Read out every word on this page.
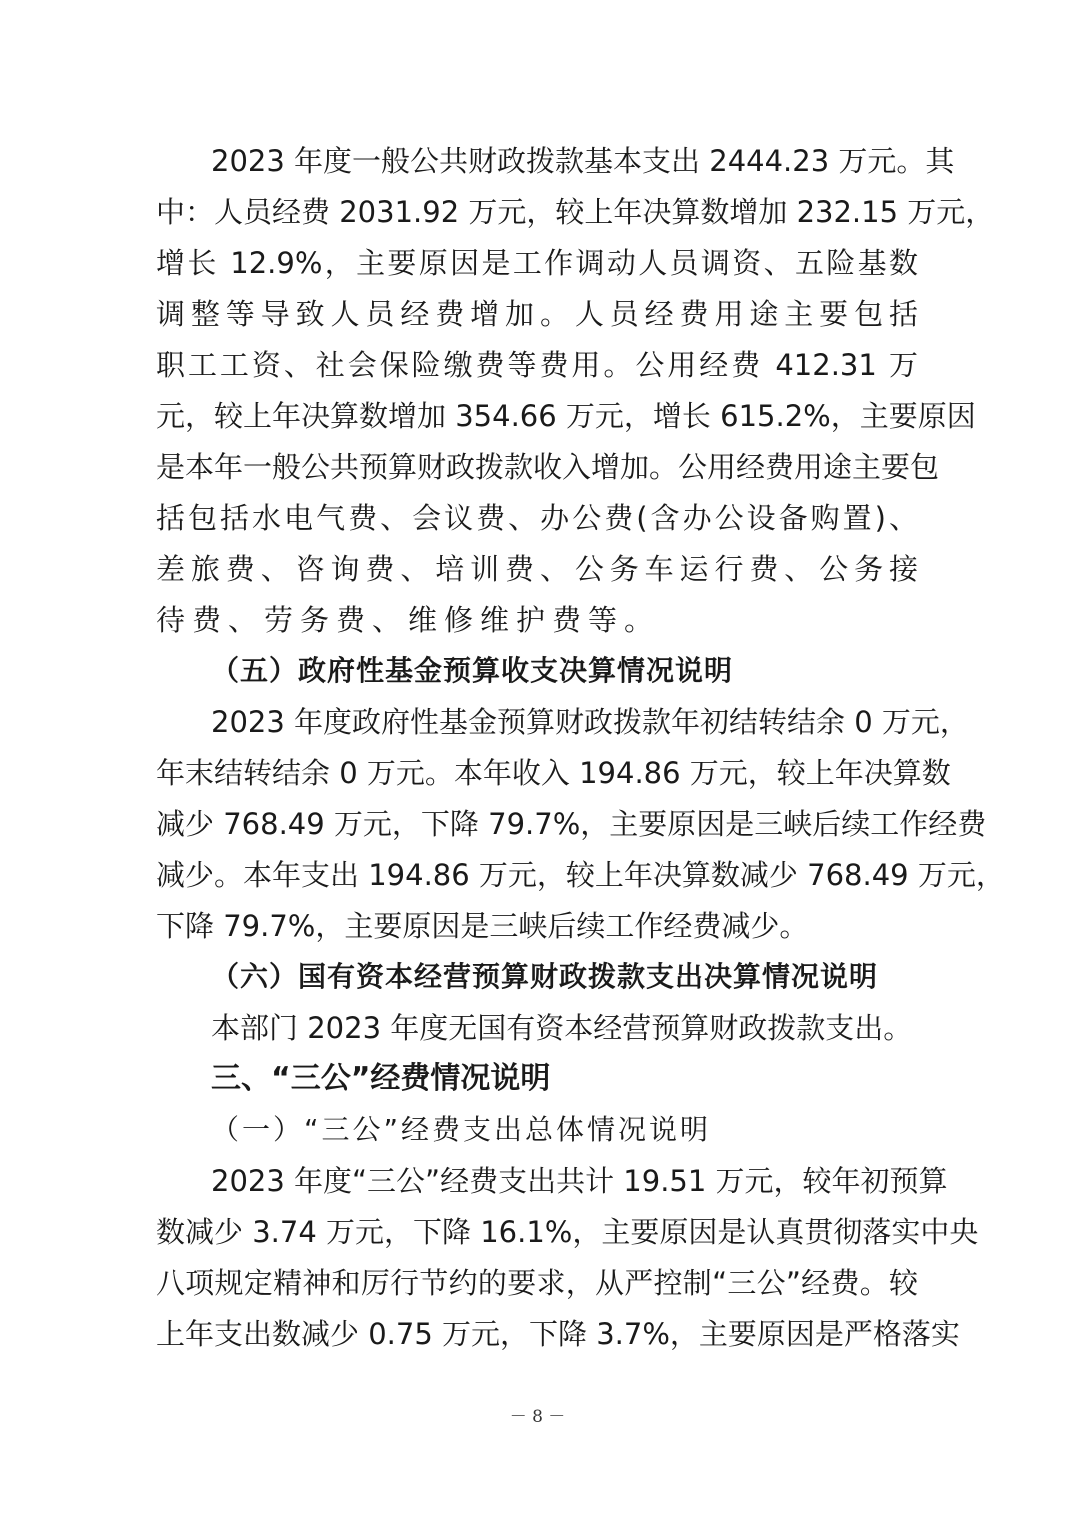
2023 年度一般公共财政拨款基本支出 2444.23 万元。其
中：人员经费 2031.92 万元，较上年决算数增加 232.15 万元，
增长 12.9%，主要原因是工作调动人员调资、五险基数
调整等导致人员经费增加。人员经费用途主要包括
职工工资、社会保险缴费等费用。公用经费 412.31 万
元，较上年决算数增加 354.66 万元，增长 615.2%，主要原因
是本年一般公共预算财政拨款收入增加。公用经费用途主要包
括包括水电气费、会议费、办公费(含办公设备购置)、
差旅费、咨询费、培训费、公务车运行费、公务接
待费、劳务费、维修维护费等。
（五）政府性基金预算收支决算情况说明
2023 年度政府性基金预算财政拨款年初结转结余 0 万元，
年末结转结余 0 万元。本年收入 194.86 万元，较上年决算数
减少 768.49 万元，下降 79.7%，主要原因是三峡后续工作经费
减少。本年支出 194.86 万元，较上年决算数减少 768.49 万元，
下降 79.7%，主要原因是三峡后续工作经费减少。
（六）国有资本经营预算财政拨款支出决算情况说明
本部门 2023 年度无国有资本经营预算财政拨款支出。
三、“三公”经费情况说明
（一）“三公”经费支出总体情况说明
2023 年度“三公”经费支出共计 19.51 万元，较年初预算
数减少 3.74 万元，下降 16.1%，主要原因是认真贯彻落实中央
八项规定精神和厉行节约的要求，从严控制“三公”经费。较
上年支出数减少 0.75 万元，下降 3.7%，主要原因是严格落实
－ 8 －
